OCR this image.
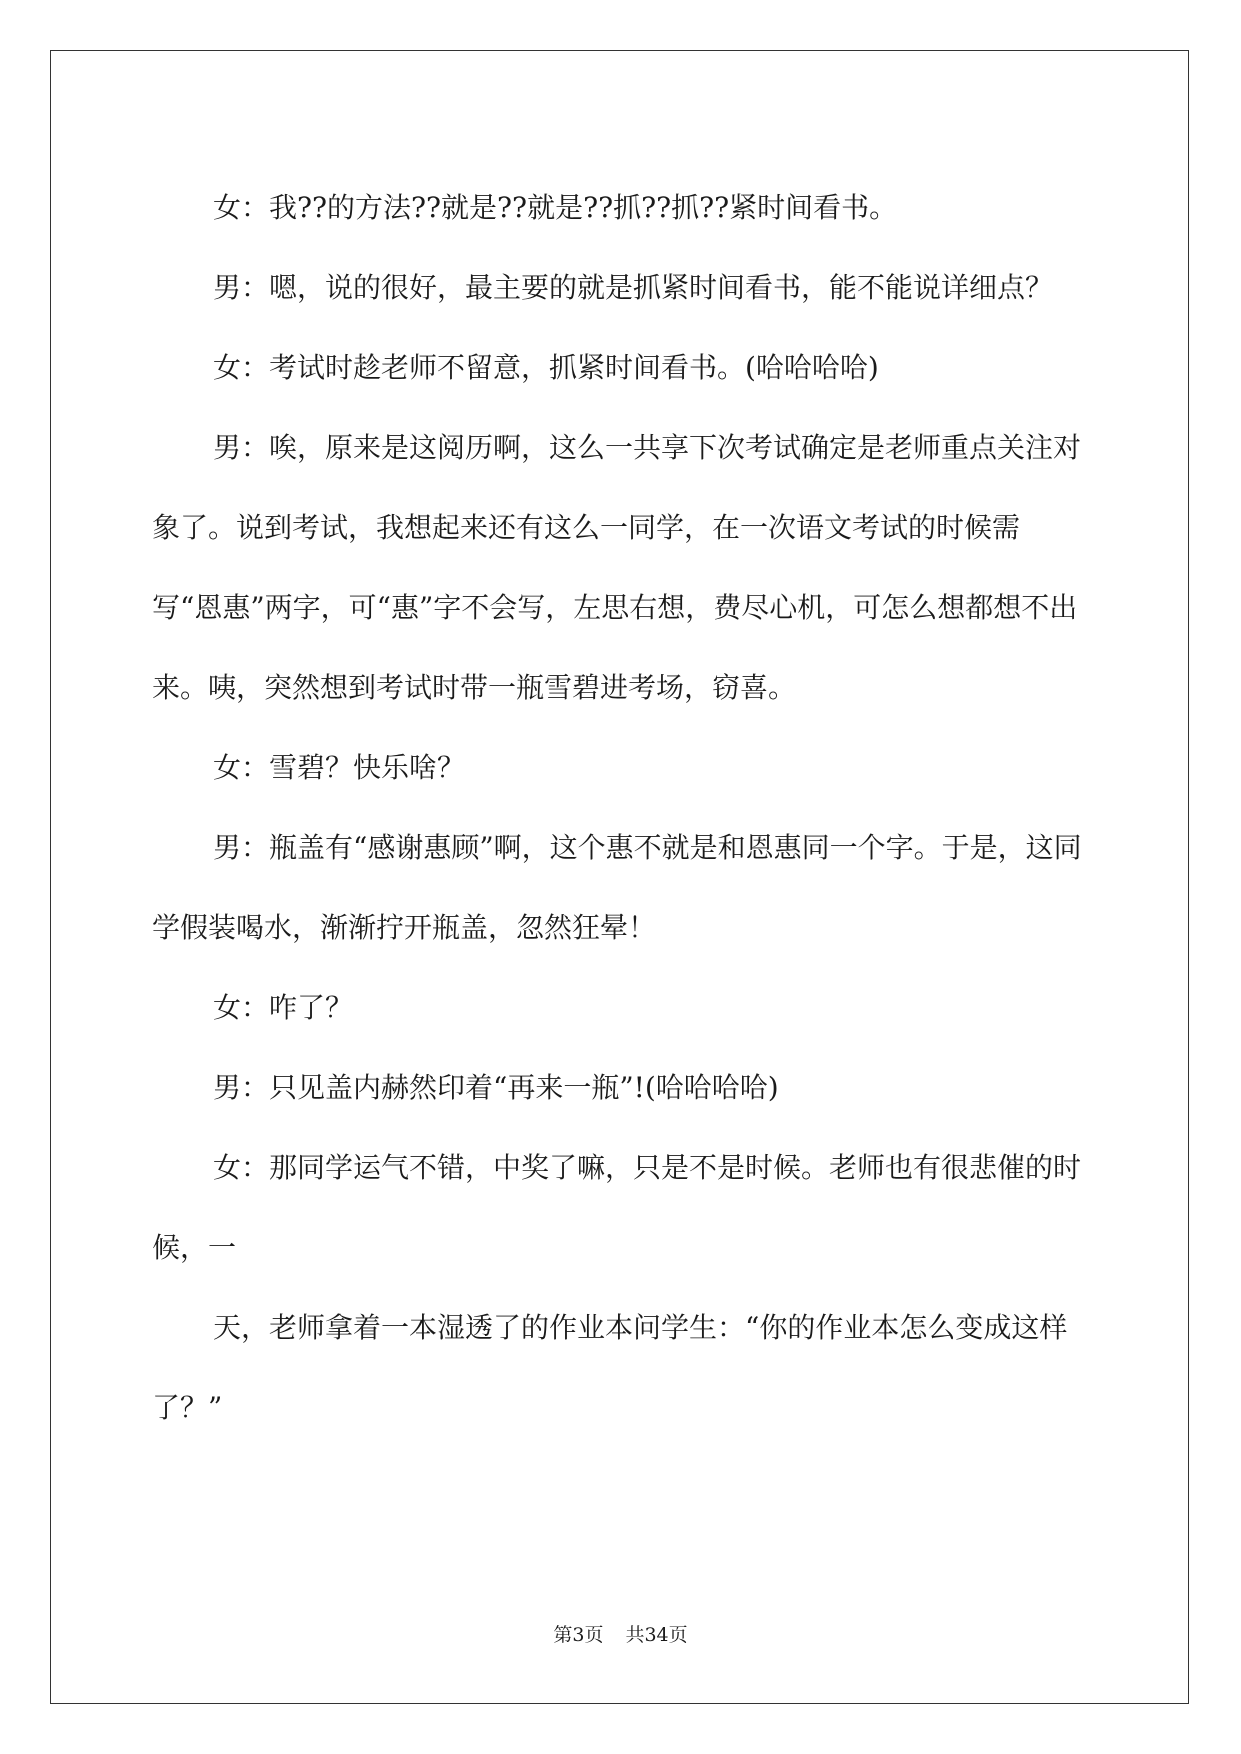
女：我??的方法??就是??就是??抓??抓??紧时间看书。

男：嗯，说的很好，最主要的就是抓紧时间看书，能不能说详细点？

女：考试时趁老师不留意，抓紧时间看书。(哈哈哈哈)

男：唉，原来是这阅历啊，这么一共享下次考试确定是老师重点关注对象了。说到考试，我想起来还有这么一同学，在一次语文考试的时候需写“恩惠”两字，可“惠”字不会写，左思右想，费尽心机，可怎么想都想不出来。咦，突然想到考试时带一瓶雪碧进考场，窃喜。

女：雪碧？快乐啥？

男：瓶盖有“感谢惠顾”啊，这个惠不就是和恩惠同一个字。于是，这同学假装喝水，渐渐拧开瓶盖，忽然狂晕！

女：咋了？

男：只见盖内赫然印着“再来一瓶”!(哈哈哈哈)

女：那同学运气不错，中奖了嘛，只是不是时候。老师也有很悲催的时候，一

天，老师拿着一本湿透了的作业本问学生：“你的作业本怎么变成这样了？”

第3页 共34页
